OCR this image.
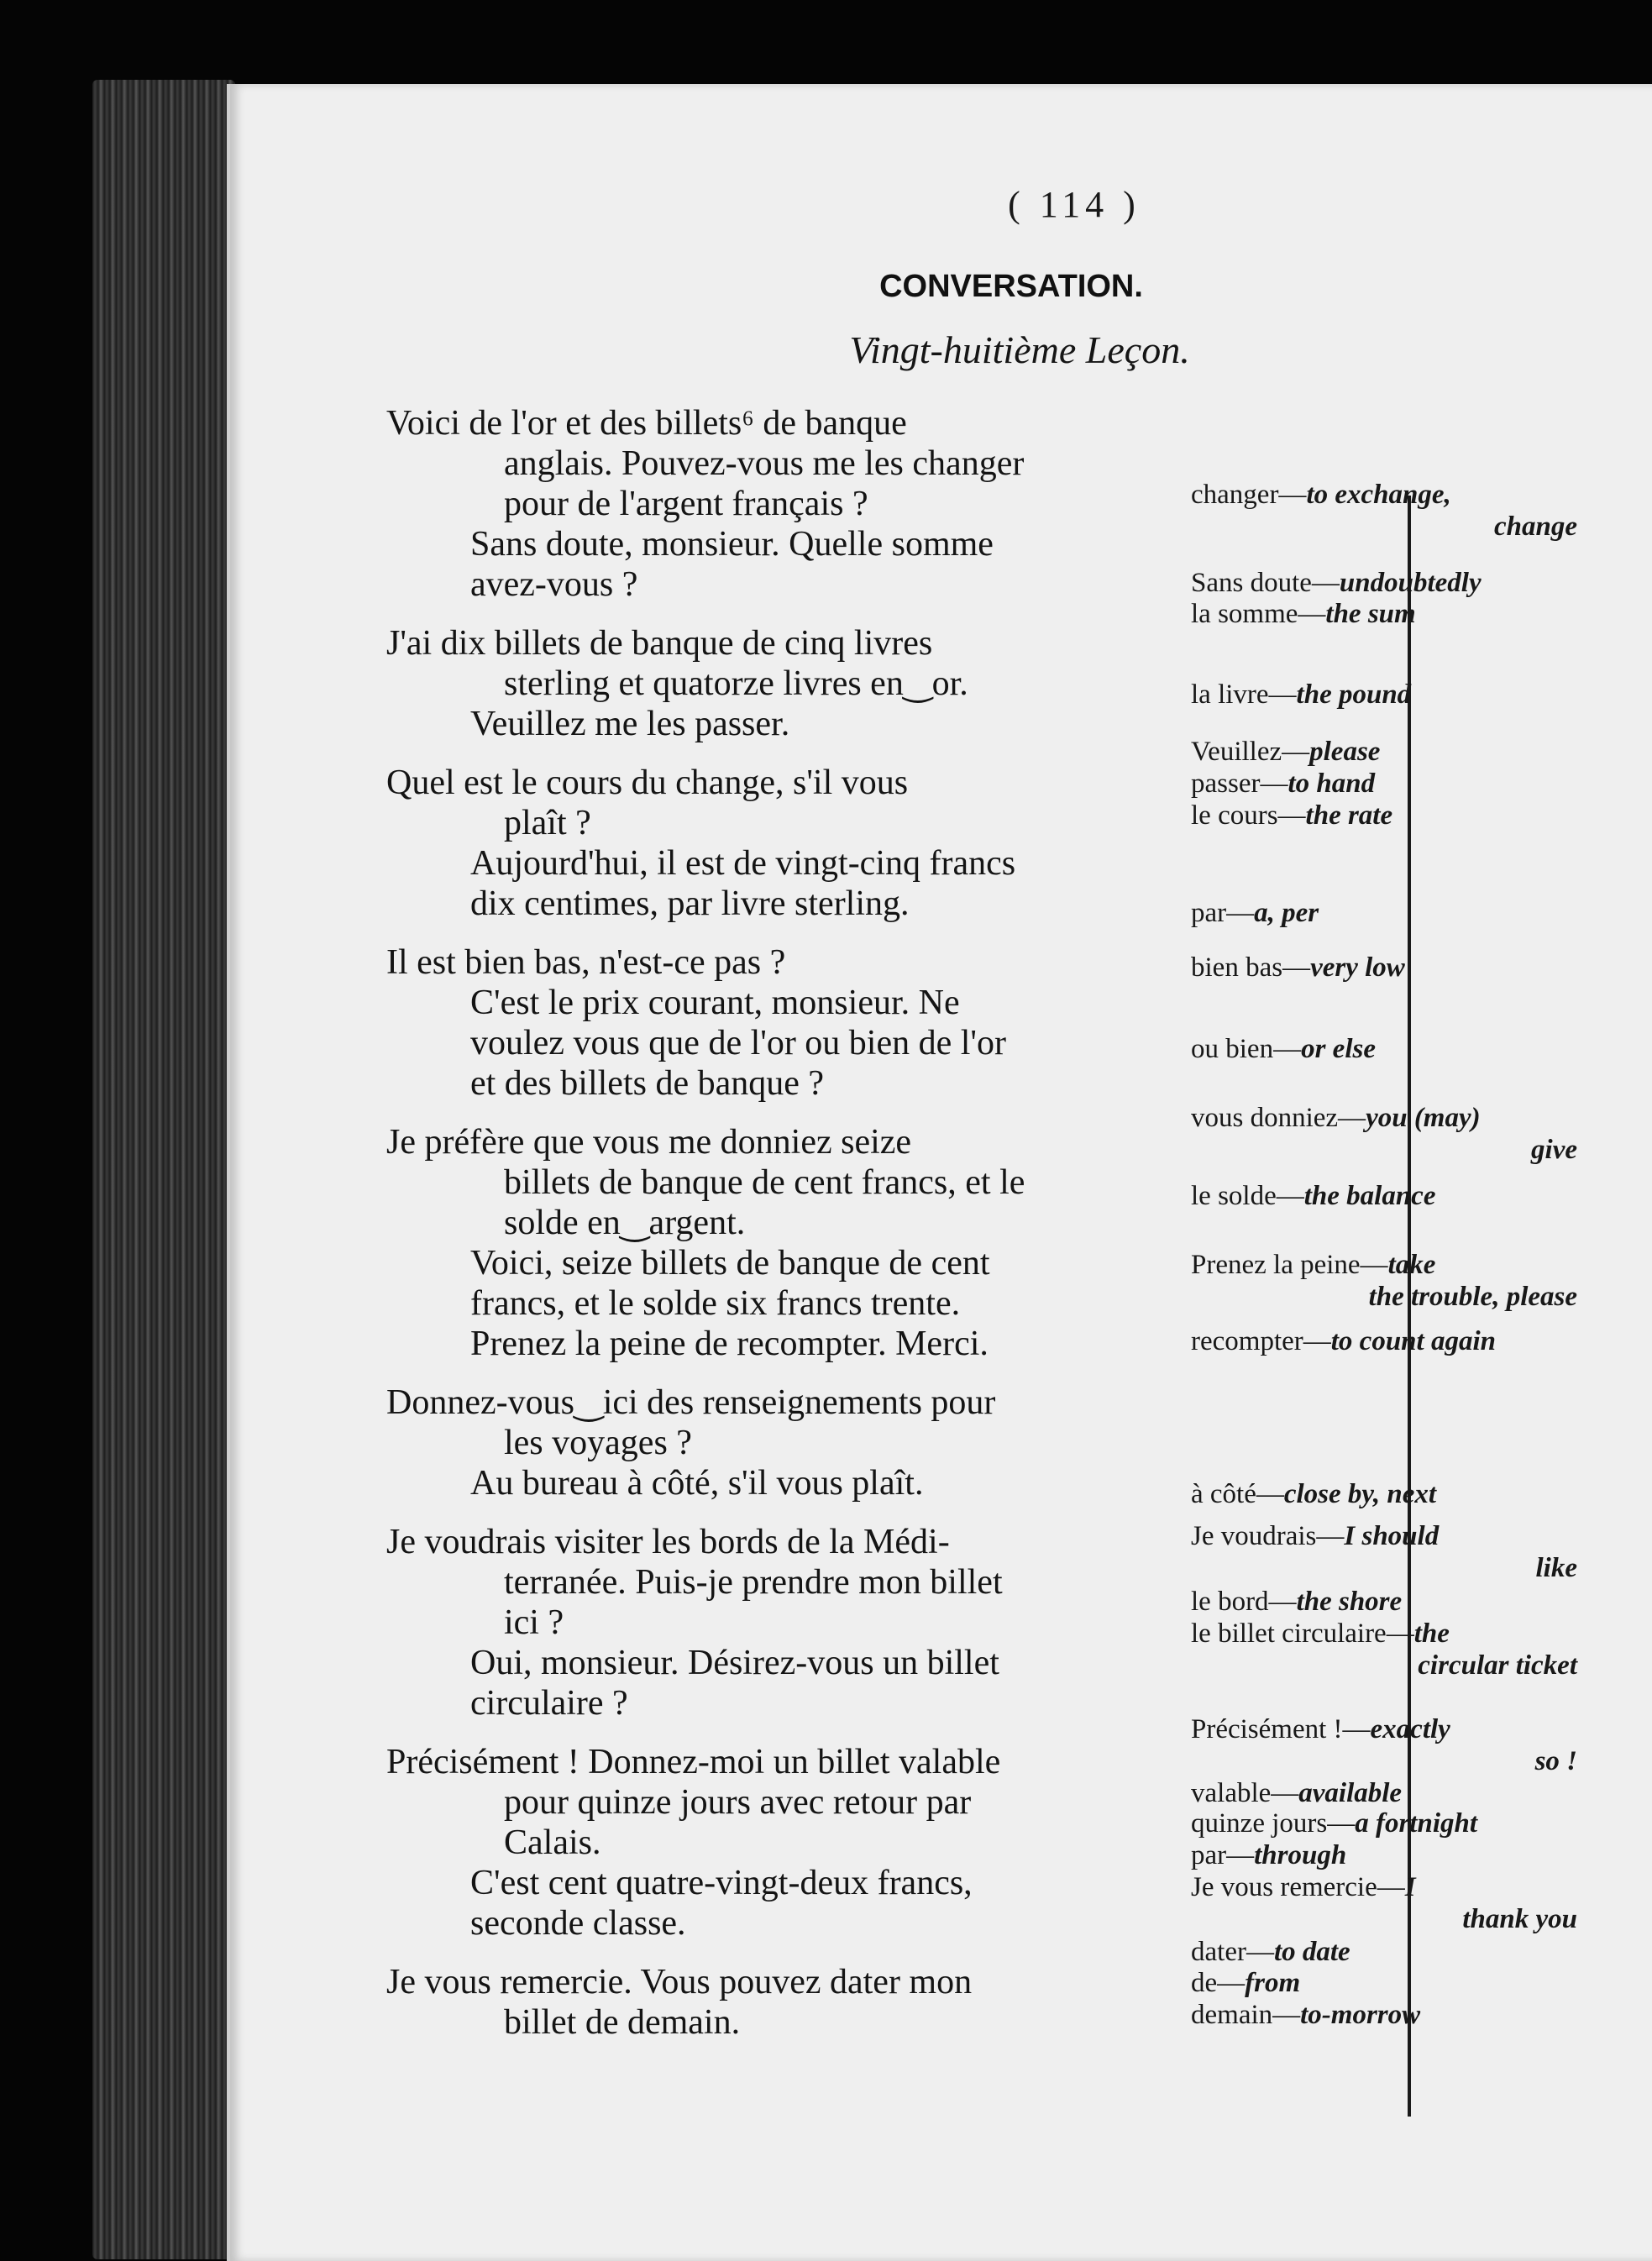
( 114 )
CONVERSATION.
Vingt-huitième Leçon.
Voici de l'or et des billets⁶ de banque
anglais. Pouvez-vous me les changer
pour de l'argent français ?
Sans doute, monsieur. Quelle somme
avez-vous ?
J'ai dix billets de banque de cinq livres
sterling et quatorze livres en‿or.
Veuillez me les passer.
Quel est le cours du change, s'il vous
plaît ?
Aujourd'hui, il est de vingt-cinq francs
dix centimes, par livre sterling.
Il est bien bas, n'est-ce pas ?
C'est le prix courant, monsieur. Ne
voulez vous que de l'or ou bien de l'or
et des billets de banque ?
Je préfère que vous me donniez seize
billets de banque de cent francs, et le
solde en‿argent.
Voici, seize billets de banque de cent
francs, et le solde six francs trente.
Prenez la peine de recompter. Merci.
Donnez-vous‿ici des renseignements pour
les voyages ?
Au bureau à côté, s'il vous plaît.
Je voudrais visiter les bords de la Médi-
terranée. Puis-je prendre mon billet
ici ?
Oui, monsieur. Désirez-vous un billet
circulaire ?
Précisément ! Donnez-moi un billet valable
pour quinze jours avec retour par
Calais.
C'est cent quatre-vingt-deux francs,
seconde classe.
Je vous remercie. Vous pouvez dater mon
billet de demain.
changer—to exchange,
change
Sans doute—undoubtedly
la somme—the sum
la livre—the pound
Veuillez—please
passer—to hand
le cours—the rate
par—a, per
bien bas—very low
ou bien—or else
vous donniez—you (may)
give
le solde—the balance
Prenez la peine—take
the trouble, please
recompter—to count again
à côté—close by, next
Je voudrais—I should
like
le bord—the shore
le billet circulaire—the
circular ticket
Précisément !—exactly
so !
valable—available
quinze jours—a fortnight
par—through
Je vous remercie—I
thank you
dater—to date
de—from
demain—to-morrow
